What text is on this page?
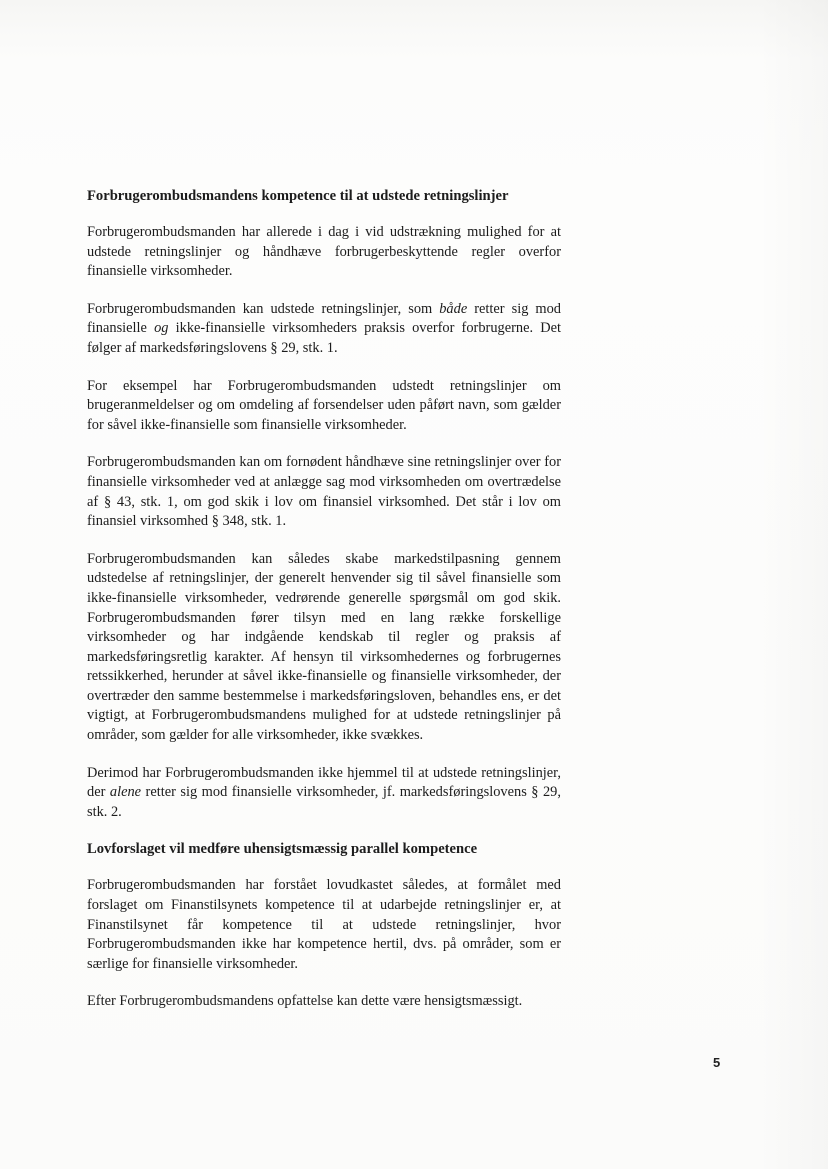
Forbrugerombudsmandens kompetence til at udstede retningslinjer

Forbrugerombudsmanden har allerede i dag i vid udstrækning mulighed for at udstede retningslinjer og håndhæve forbrugerbeskyttende regler overfor finansielle virksomheder.

Forbrugerombudsmanden kan udstede retningslinjer, som både retter sig mod finansielle og ikke-finansielle virksomheders praksis overfor forbrugerne. Det følger af markedsføringslovens § 29, stk. 1.

For eksempel har Forbrugerombudsmanden udstedt retningslinjer om brugeranmeldelser og om omdeling af forsendelser uden påført navn, som gælder for såvel ikke-finansielle som finansielle virksomheder.

Forbrugerombudsmanden kan om fornødent håndhæve sine retningslinjer over for finansielle virksomheder ved at anlægge sag mod virksomheden om overtrædelse af § 43, stk. 1, om god skik i lov om finansiel virksomhed. Det står i lov om finansiel virksomhed § 348, stk. 1.

Forbrugerombudsmanden kan således skabe markedstilpasning gennem udstedelse af retningslinjer, der generelt henvender sig til såvel finansielle som ikke-finansielle virksomheder, vedrørende generelle spørgsmål om god skik. Forbrugerombudsmanden fører tilsyn med en lang række forskellige virksomheder og har indgående kendskab til regler og praksis af markedsføringsretlig karakter. Af hensyn til virksomhedernes og forbrugernes retssikkerhed, herunder at såvel ikke-finansielle og finansielle virksomheder, der overtræder den samme bestemmelse i markedsføringsloven, behandles ens, er det vigtigt, at Forbrugerombudsmandens mulighed for at udstede retningslinjer på områder, som gælder for alle virksomheder, ikke svækkes.

Derimod har Forbrugerombudsmanden ikke hjemmel til at udstede retningslinjer, der alene retter sig mod finansielle virksomheder, jf. markedsføringslovens § 29, stk. 2.

Lovforslaget vil medføre uhensigtsmæssig parallel kompetence

Forbrugerombudsmanden har forstået lovudkastet således, at formålet med forslaget om Finanstilsynets kompetence til at udarbejde retningslinjer er, at Finanstilsynet får kompetence til at udstede retningslinjer, hvor Forbrugerombudsmanden ikke har kompetence hertil, dvs. på områder, som er særlige for finansielle virksomheder.

Efter Forbrugerombudsmandens opfattelse kan dette være hensigtsmæssigt.

5
